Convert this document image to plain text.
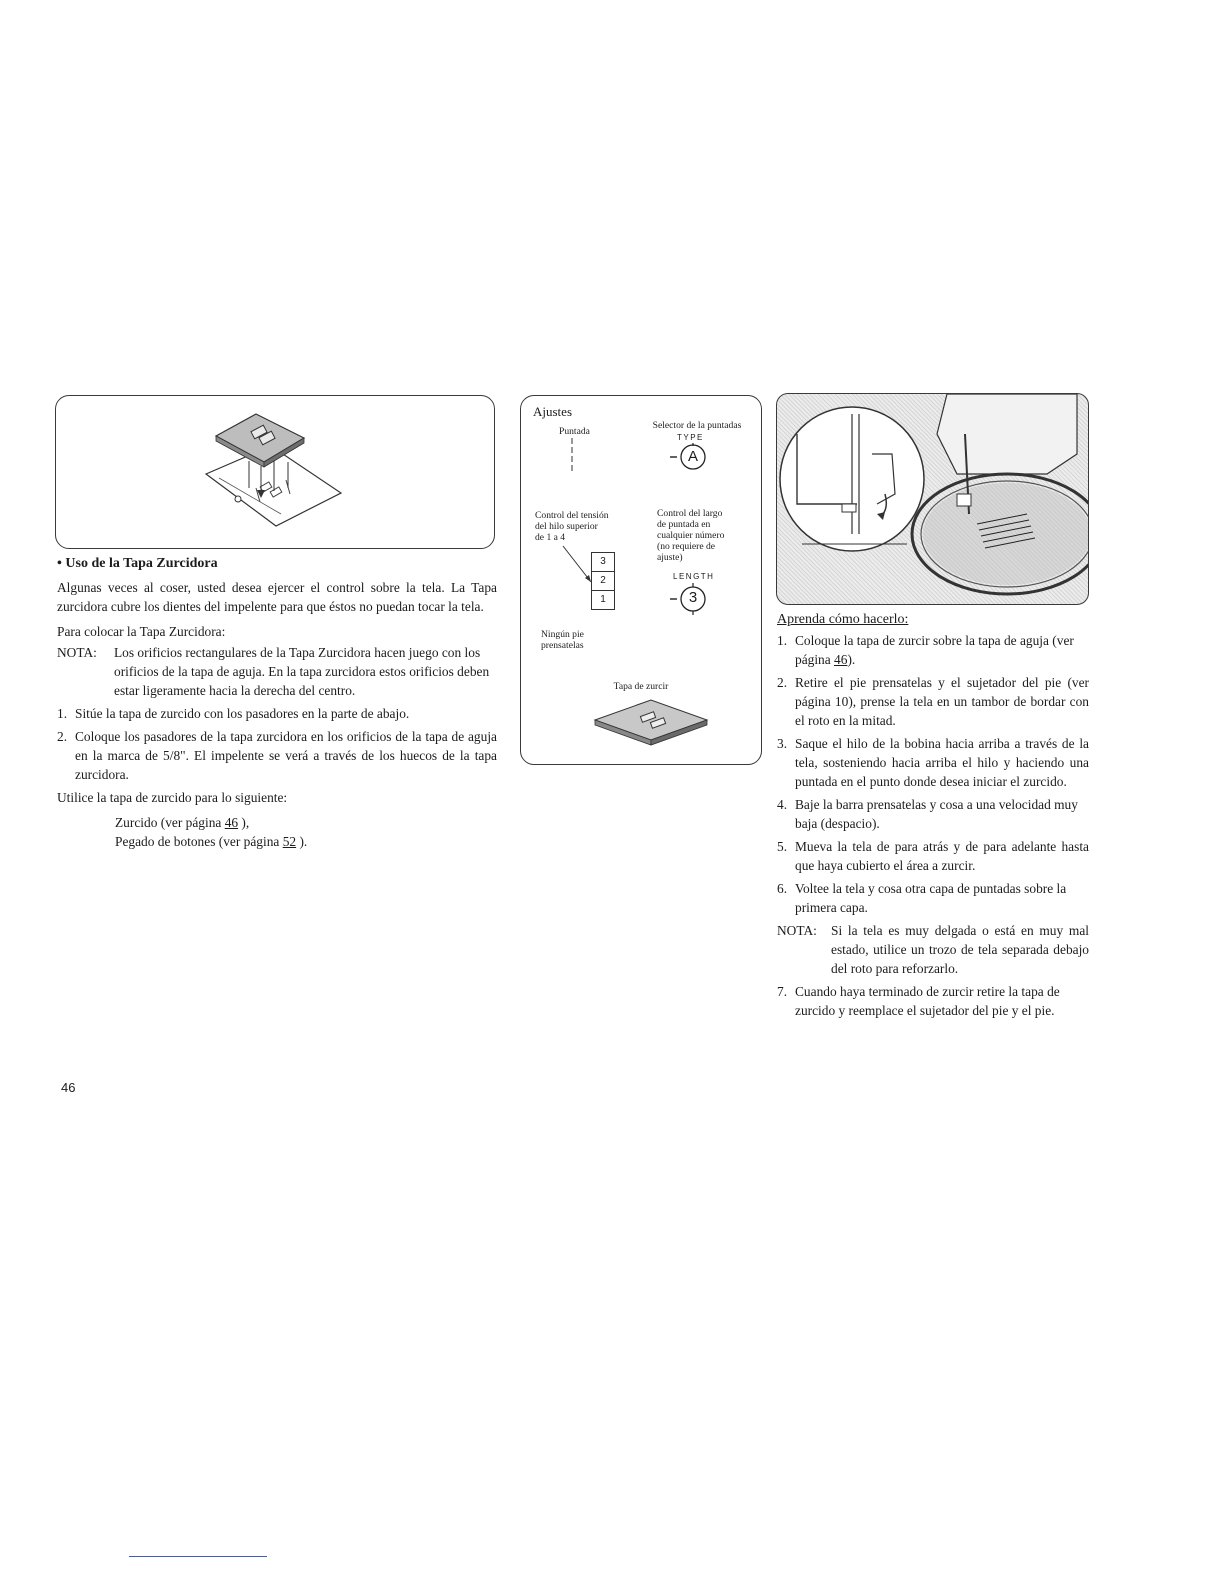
• Uso de la Tapa Zurcidora
Algunas veces al coser, usted desea ejercer el control sobre la tela. La Tapa zurcidora cubre los dientes del impelente para que éstos no puedan tocar la tela.
Para colocar la Tapa Zurcidora:
NOTA: Los orificios rectangulares de la Tapa Zurcidora hacen juego con los orificios de la tapa de aguja. En la tapa zurcidora estos orificios deben estar ligeramente hacia la derecha del centro.
1. Sitúe la tapa de zurcido con los pasadores en la parte de abajo.
2. Coloque los pasadores de la tapa zurcidora en los orificios de la tapa de aguja en la marca de 5/8". El impelente se verá a través de los huecos de la tapa zurcidora.
Utilice la tapa de zurcido para lo siguiente:
Zurcido (ver página 46 ),
Pegado de botones (ver página 52 ).
Ajustes
Puntada
Selector de la puntadas
TYPE
A
Control del tensión
del hilo superior
de 1 a 4
3
2
1
Control del largo
de puntada en
cualquier número
(no requiere de
ajuste)
LENGTH
3
Ningún pie
prensatelas
Tapa de zurcir
Aprenda cómo hacerlo:
1. Coloque la tapa de zurcir sobre la tapa de aguja (ver página 46).
2. Retire el pie prensatelas y el sujetador del pie (ver página 10), prense la tela en un tambor de bordar con el roto en la mitad.
3. Saque el hilo de la bobina hacia arriba a través de la tela, sosteniendo hacia arriba el hilo y haciendo una puntada en el punto donde desea iniciar el zurcido.
4. Baje la barra prensatelas y cosa a una velocidad muy baja (despacio).
5. Mueva la tela de para atrás y de para adelante hasta que haya cubierto el área a zurcir.
6. Voltee la tela y cosa otra capa de puntadas sobre la primera capa.
NOTA: Si la tela es muy delgada o está en muy mal estado, utilice un trozo de tela separada debajo del roto para reforzarlo.
7. Cuando haya terminado de zurcir retire la tapa de zurcido y reemplace el sujetador del pie y el pie.
46
